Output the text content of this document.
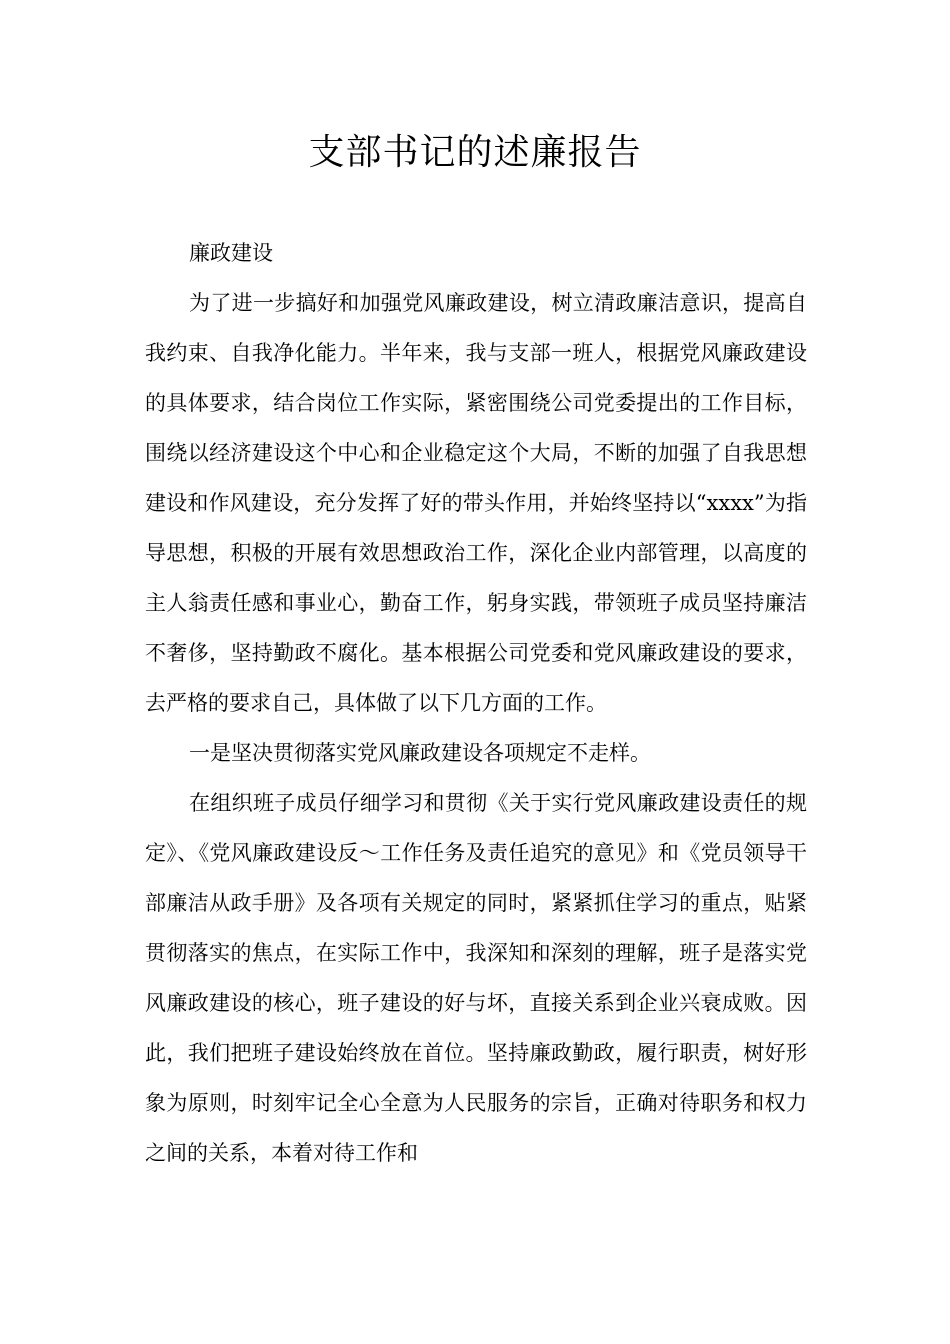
支部书记的述廉报告

廉政建设

为了进一步搞好和加强党风廉政建设，树立清政廉洁意识，提高自我约束、自我净化能力。半年来，我与支部一班人，根据党风廉政建设的具体要求，结合岗位工作实际，紧密围绕公司党委提出的工作目标，围绕以经济建设这个中心和企业稳定这个大局，不断的加强了自我思想建设和作风建设，充分发挥了好的带头作用，并始终坚持以“xxxx”为指导思想，积极的开展有效思想政治工作，深化企业内部管理，以高度的主人翁责任感和事业心，勤奋工作，躬身实践，带领班子成员坚持廉洁不奢侈，坚持勤政不腐化。基本根据公司党委和党风廉政建设的要求，去严格的要求自己，具体做了以下几方面的工作。

一是坚决贯彻落实党风廉政建设各项规定不走样。

在组织班子成员仔细学习和贯彻《关于实行党风廉政建设责任的规定》、《党风廉政建设反～工作任务及责任追究的意见》和《党员领导干部廉洁从政手册》及各项有关规定的同时，紧紧抓住学习的重点，贴紧贯彻落实的焦点，在实际工作中，我深知和深刻的理解，班子是落实党风廉政建设的核心，班子建设的好与坏，直接关系到企业兴衰成败。因此，我们把班子建设始终放在首位。坚持廉政勤政，履行职责，树好形象为原则，时刻牢记全心全意为人民服务的宗旨，正确对待职务和权力之间的关系，本着对待工作和
